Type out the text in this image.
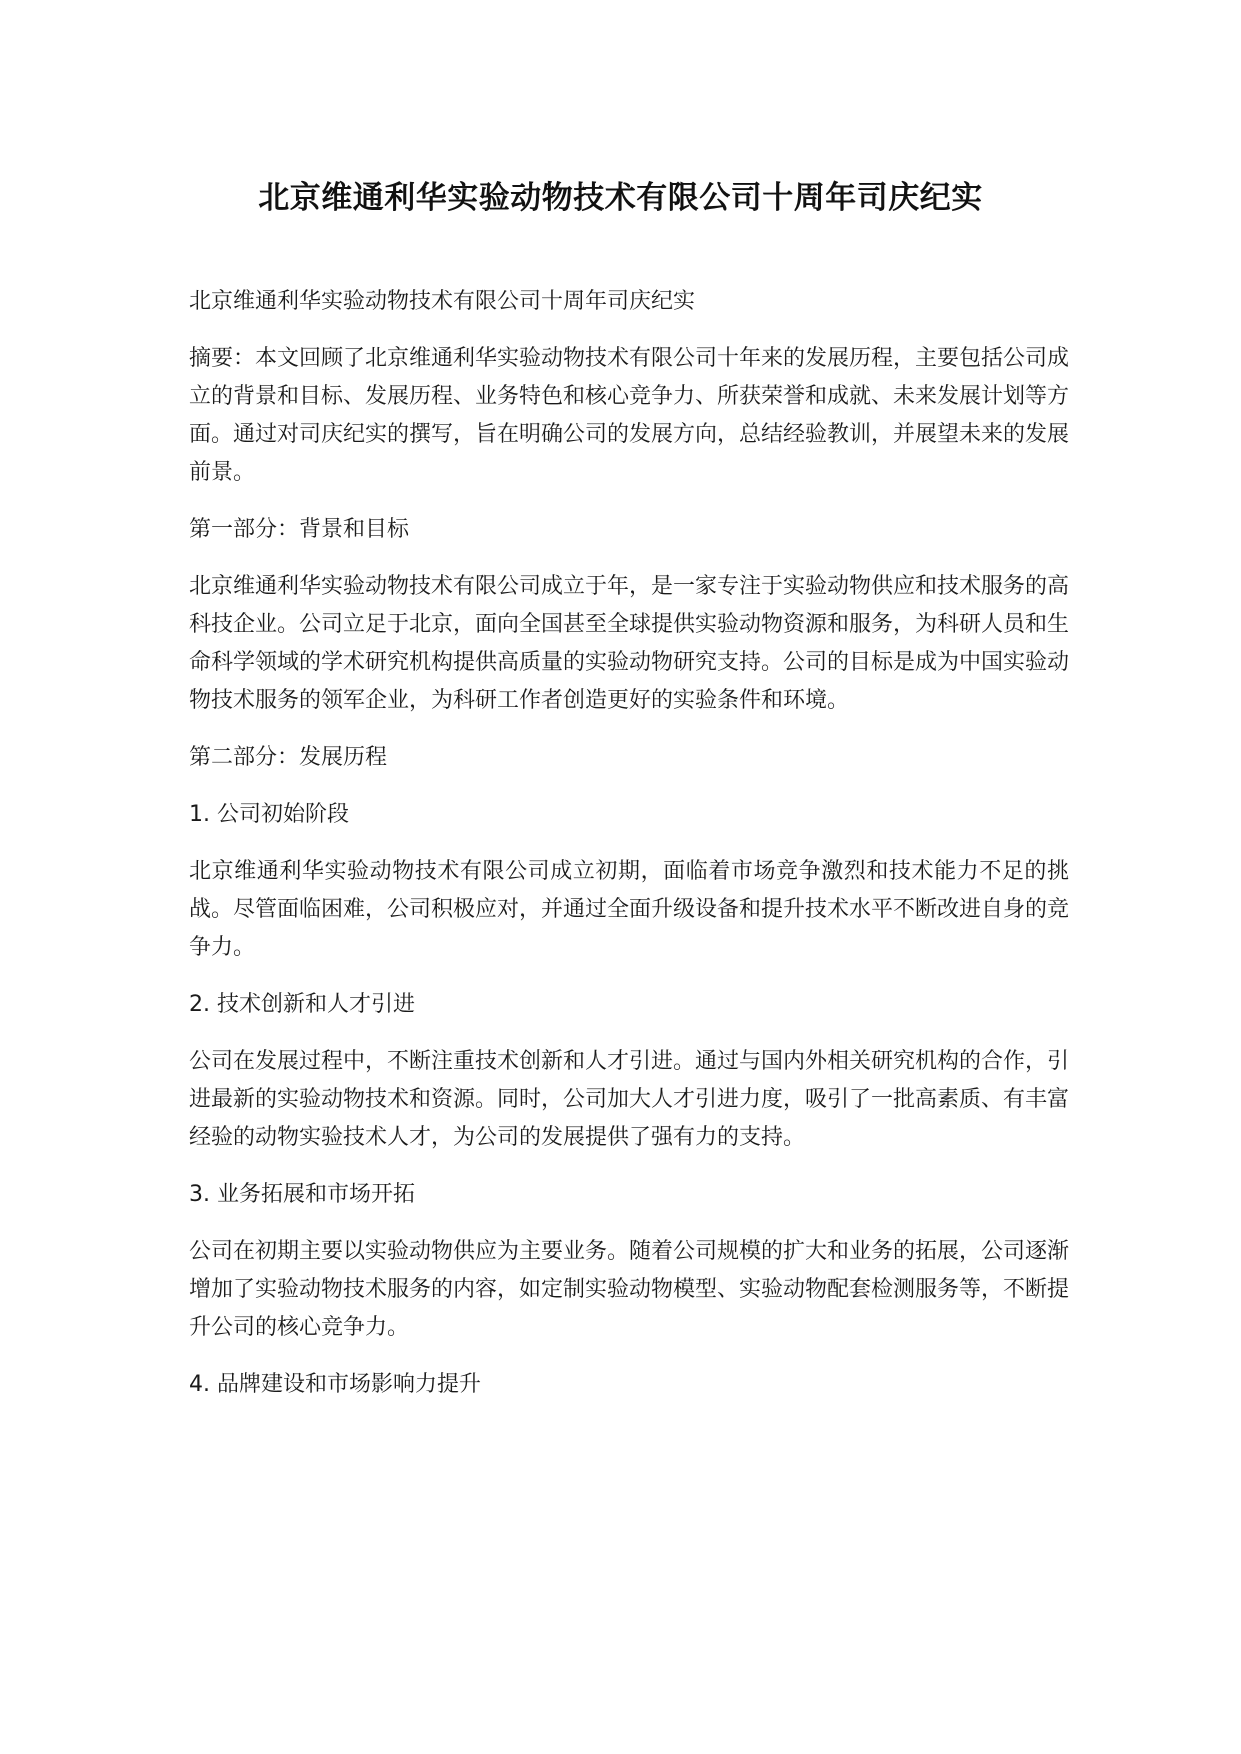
北京维通利华实验动物技术有限公司十周年司庆纪实

北京维通利华实验动物技术有限公司十周年司庆纪实

摘要：本文回顾了北京维通利华实验动物技术有限公司十年来的发展历程，主要包括公司成立的背景和目标、发展历程、业务特色和核心竞争力、所获荣誉和成就、未来发展计划等方面。通过对司庆纪实的撰写，旨在明确公司的发展方向，总结经验教训，并展望未来的发展前景。

第一部分：背景和目标

北京维通利华实验动物技术有限公司成立于年，是一家专注于实验动物供应和技术服务的高科技企业。公司立足于北京，面向全国甚至全球提供实验动物资源和服务，为科研人员和生命科学领域的学术研究机构提供高质量的实验动物研究支持。公司的目标是成为中国实验动物技术服务的领军企业，为科研工作者创造更好的实验条件和环境。

第二部分：发展历程

1. 公司初始阶段

北京维通利华实验动物技术有限公司成立初期，面临着市场竞争激烈和技术能力不足的挑战。尽管面临困难，公司积极应对，并通过全面升级设备和提升技术水平不断改进自身的竞争力。

2. 技术创新和人才引进

公司在发展过程中，不断注重技术创新和人才引进。通过与国内外相关研究机构的合作，引进最新的实验动物技术和资源。同时，公司加大人才引进力度，吸引了一批高素质、有丰富经验的动物实验技术人才，为公司的发展提供了强有力的支持。

3. 业务拓展和市场开拓

公司在初期主要以实验动物供应为主要业务。随着公司规模的扩大和业务的拓展，公司逐渐增加了实验动物技术服务的内容，如定制实验动物模型、实验动物配套检测服务等，不断提升公司的核心竞争力。

4. 品牌建设和市场影响力提升
